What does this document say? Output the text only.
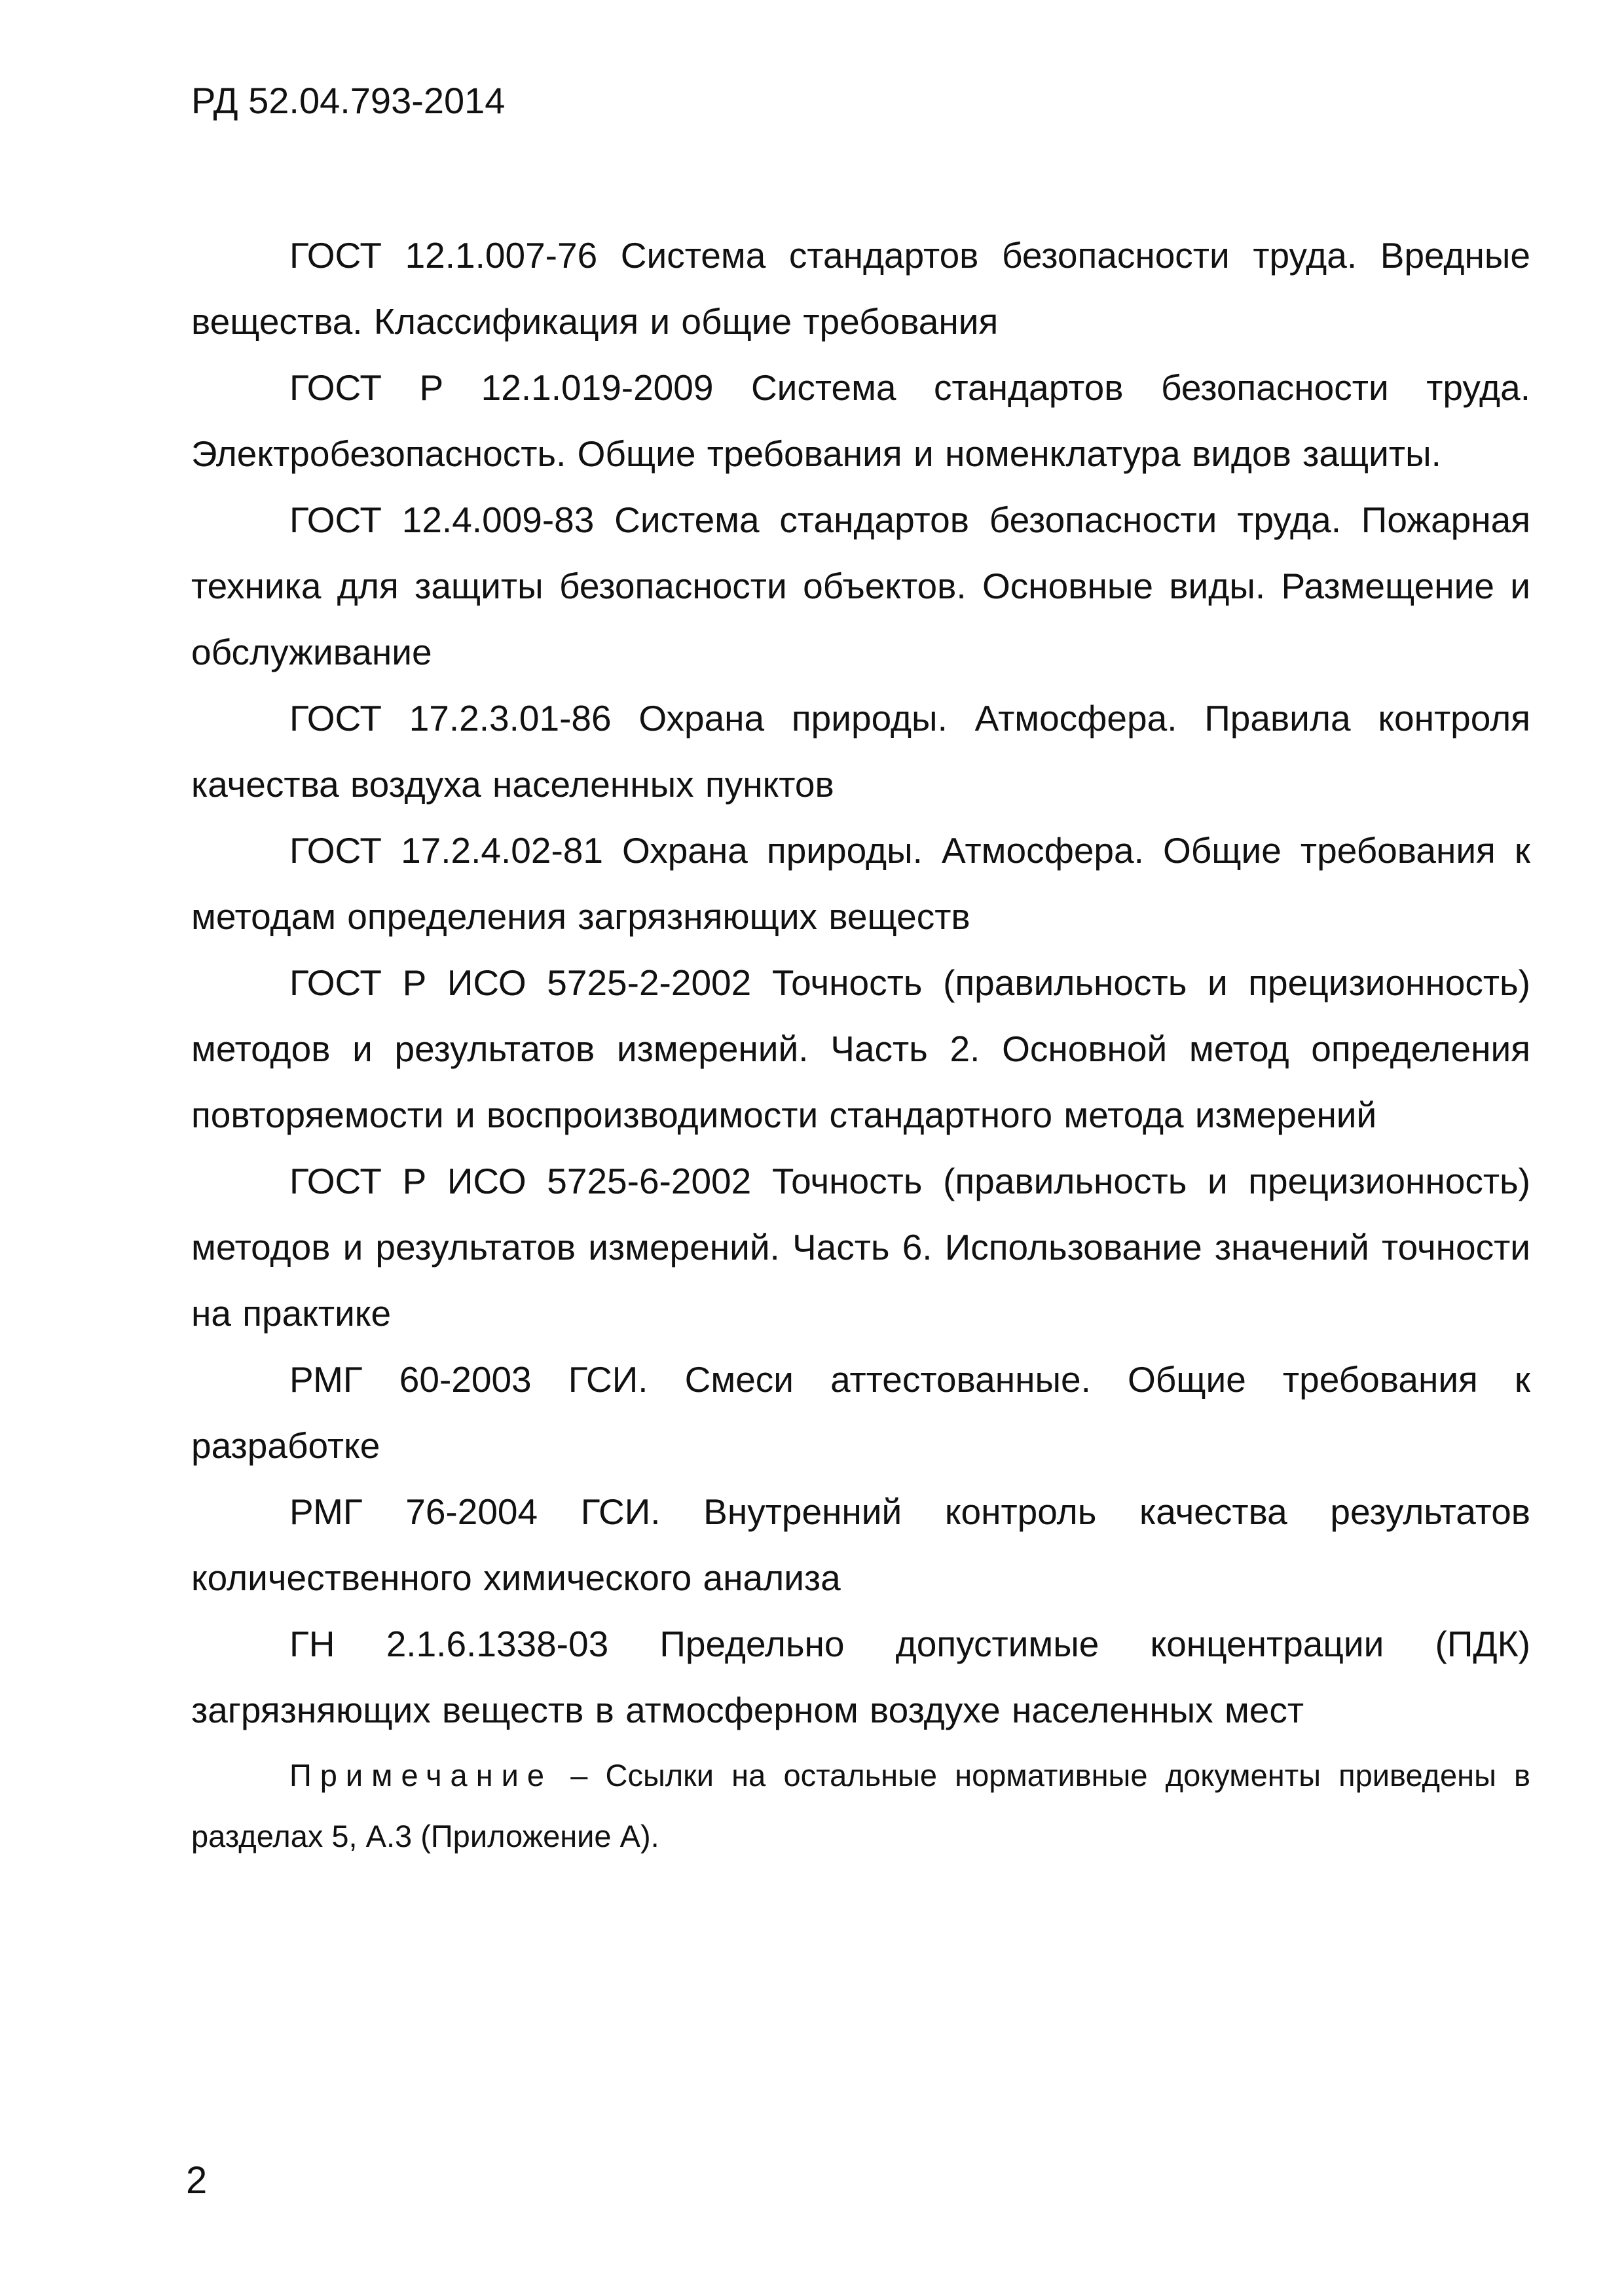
РД 52.04.793-2014

ГОСТ 12.1.007-76 Система стандартов безопасности труда. Вредные вещества. Классификация и общие требования

ГОСТ Р 12.1.019-2009 Система стандартов безопасности труда. Электробезопасность. Общие требования и номенклатура видов защиты.

ГОСТ 12.4.009-83 Система стандартов безопасности труда. Пожарная техника для защиты безопасности объектов. Основные виды. Размещение и обслуживание

ГОСТ 17.2.3.01-86 Охрана природы. Атмосфера. Правила контроля качества воздуха населенных пунктов

ГОСТ 17.2.4.02-81 Охрана природы. Атмосфера. Общие требования к методам определения загрязняющих веществ

ГОСТ Р ИСО 5725-2-2002 Точность (правильность и прецизионность) методов и результатов измерений. Часть 2. Основной метод определения повторяемости и воспроизводимости стандартного метода измерений

ГОСТ Р ИСО 5725-6-2002 Точность (правильность и прецизионность) методов и результатов измерений. Часть 6. Использование значений точности на практике

РМГ 60-2003 ГСИ. Смеси аттестованные. Общие требования к разработке

РМГ 76-2004 ГСИ. Внутренний контроль качества результатов количественного химического анализа

ГН 2.1.6.1338-03 Предельно допустимые концентрации (ПДК) загрязняющих веществ в атмосферном воздухе населенных мест

Примечание – Ссылки на остальные нормативные документы приведены в разделах 5, А.3 (Приложение А).

2
